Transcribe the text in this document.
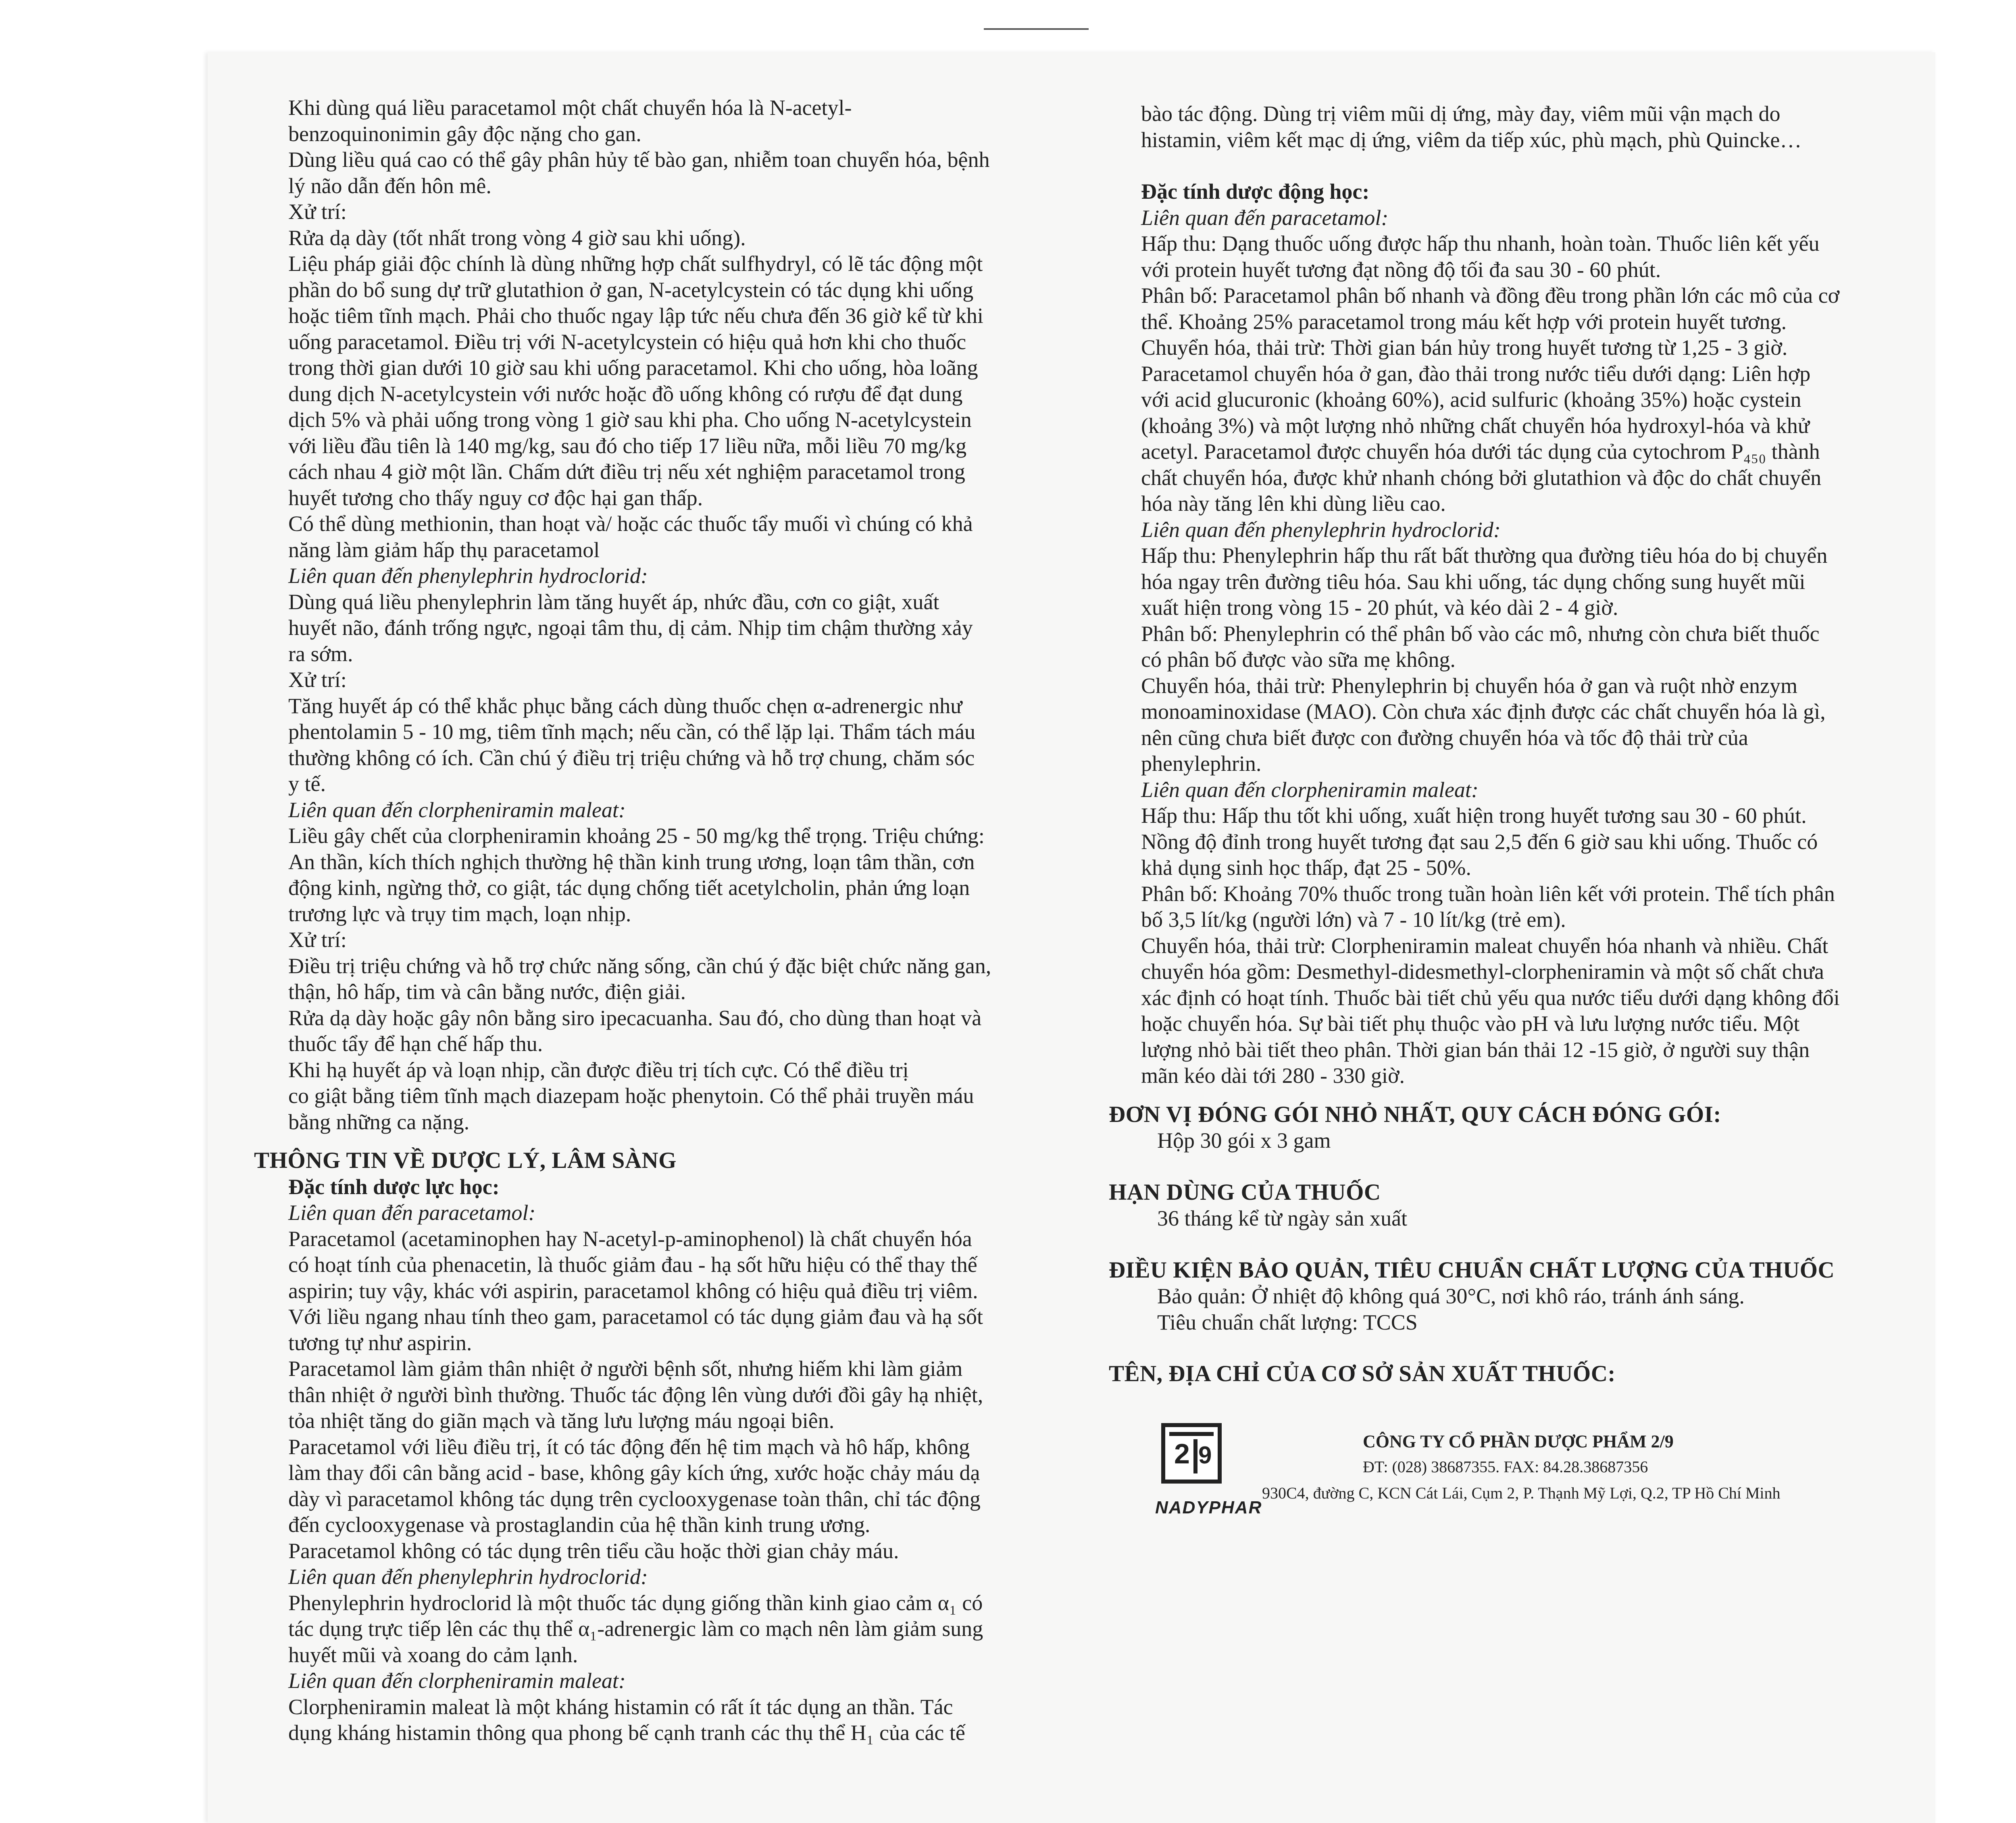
Khi dùng quá liều paracetamol một chất chuyển hóa là N-acetyl-
benzoquinonimin gây độc nặng cho gan.
Dùng liều quá cao có thể gây phân hủy tế bào gan, nhiễm toan chuyển hóa, bệnh
lý não dẫn đến hôn mê.
Xử trí:
Rửa dạ dày (tốt nhất trong vòng 4 giờ sau khi uống).
Liệu pháp giải độc chính là dùng những hợp chất sulfhydryl, có lẽ tác động một
phần do bổ sung dự trữ glutathion ở gan, N-acetylcystein có tác dụng khi uống
hoặc tiêm tĩnh mạch. Phải cho thuốc ngay lập tức nếu chưa đến 36 giờ kể từ khi
uống paracetamol. Điều trị với N-acetylcystein có hiệu quả hơn khi cho thuốc
trong thời gian dưới 10 giờ sau khi uống paracetamol. Khi cho uống, hòa loãng
dung dịch N-acetylcystein với nước hoặc đồ uống không có rượu để đạt dung
dịch 5% và phải uống trong vòng 1 giờ sau khi pha. Cho uống N-acetylcystein
với liều đầu tiên là 140 mg/kg, sau đó cho tiếp 17 liều nữa, mỗi liều 70 mg/kg
cách nhau 4 giờ một lần. Chấm dứt điều trị nếu xét nghiệm paracetamol trong
huyết tương cho thấy nguy cơ độc hại gan thấp.
Có thể dùng methionin, than hoạt và/ hoặc các thuốc tẩy muối vì chúng có khả
năng làm giảm hấp thụ paracetamol
Liên quan đến phenylephrin hydroclorid:
Dùng quá liều phenylephrin làm tăng huyết áp, nhức đầu, cơn co giật, xuất
huyết não, đánh trống ngực, ngoại tâm thu, dị cảm. Nhịp tim chậm thường xảy
ra sớm.
Xử trí:
Tăng huyết áp có thể khắc phục bằng cách dùng thuốc chẹn α-adrenergic như
phentolamin 5 - 10 mg, tiêm tĩnh mạch; nếu cần, có thể lặp lại. Thẩm tách máu
thường không có ích. Cần chú ý điều trị triệu chứng và hỗ trợ chung, chăm sóc
y tế.
Liên quan đến clorpheniramin maleat:
Liều gây chết của clorpheniramin khoảng 25 - 50 mg/kg thể trọng. Triệu chứng:
An thần, kích thích nghịch thường hệ thần kinh trung ương, loạn tâm thần, cơn
động kinh, ngừng thở, co giật, tác dụng chống tiết acetylcholin, phản ứng loạn
trương lực và trụy tim mạch, loạn nhịp.
Xử trí:
Điều trị triệu chứng và hỗ trợ chức năng sống, cần chú ý đặc biệt chức năng gan,
thận, hô hấp, tim và cân bằng nước, điện giải.
Rửa dạ dày hoặc gây nôn bằng siro ipecacuanha. Sau đó, cho dùng than hoạt và
thuốc tẩy để hạn chế hấp thu.
Khi hạ huyết áp và loạn nhịp, cần được điều trị tích cực. Có thể điều trị
co giật bằng tiêm tĩnh mạch diazepam hoặc phenytoin. Có thể phải truyền máu
bằng những ca nặng.
THÔNG TIN VỀ DƯỢC LÝ, LÂM SÀNG
Đặc tính dược lực học:
Liên quan đến paracetamol:
Paracetamol (acetaminophen hay N-acetyl-p-aminophenol) là chất chuyển hóa
có hoạt tính của phenacetin, là thuốc giảm đau - hạ sốt hữu hiệu có thể thay thế
aspirin; tuy vậy, khác với aspirin, paracetamol không có hiệu quả điều trị viêm.
Với liều ngang nhau tính theo gam, paracetamol có tác dụng giảm đau và hạ sốt
tương tự như aspirin.
Paracetamol làm giảm thân nhiệt ở người bệnh sốt, nhưng hiếm khi làm giảm
thân nhiệt ở người bình thường. Thuốc tác động lên vùng dưới đồi gây hạ nhiệt,
tỏa nhiệt tăng do giãn mạch và tăng lưu lượng máu ngoại biên.
Paracetamol với liều điều trị, ít có tác động đến hệ tim mạch và hô hấp, không
làm thay đổi cân bằng acid - base, không gây kích ứng, xước hoặc chảy máu dạ
dày vì paracetamol không tác dụng trên cyclooxygenase toàn thân, chỉ tác động
đến cyclooxygenase và prostaglandin của hệ thần kinh trung ương.
Paracetamol không có tác dụng trên tiểu cầu hoặc thời gian chảy máu.
Liên quan đến phenylephrin hydroclorid:
Phenylephrin hydroclorid là một thuốc tác dụng giống thần kinh giao cảm α₁ có
tác dụng trực tiếp lên các thụ thể α₁-adrenergic làm co mạch nên làm giảm sung
huyết mũi và xoang do cảm lạnh.
Liên quan đến clorpheniramin maleat:
Clorpheniramin maleat là một kháng histamin có rất ít tác dụng an thần. Tác
dụng kháng histamin thông qua phong bế cạnh tranh các thụ thể H₁ của các tế
bào tác động. Dùng trị viêm mũi dị ứng, mày đay, viêm mũi vận mạch do
histamin, viêm kết mạc dị ứng, viêm da tiếp xúc, phù mạch, phù Quincke…
Đặc tính dược động học:
Liên quan đến paracetamol:
Hấp thu: Dạng thuốc uống được hấp thu nhanh, hoàn toàn. Thuốc liên kết yếu
với protein huyết tương đạt nồng độ tối đa sau 30 - 60 phút.
Phân bố: Paracetamol phân bố nhanh và đồng đều trong phần lớn các mô của cơ
thể. Khoảng 25% paracetamol trong máu kết hợp với protein huyết tương.
Chuyển hóa, thải trừ: Thời gian bán hủy trong huyết tương từ 1,25 - 3 giờ.
Paracetamol chuyển hóa ở gan, đào thải trong nước tiểu dưới dạng: Liên hợp
với acid glucuronic (khoảng 60%), acid sulfuric (khoảng 35%) hoặc cystein
(khoảng 3%) và một lượng nhỏ những chất chuyển hóa hydroxyl-hóa và khử
acetyl. Paracetamol được chuyển hóa dưới tác dụng của cytochrom P₄₅₀ thành
chất chuyển hóa, được khử nhanh chóng bởi glutathion và độc do chất chuyển
hóa này tăng lên khi dùng liều cao.
Liên quan đến phenylephrin hydroclorid:
Hấp thu: Phenylephrin hấp thu rất bất thường qua đường tiêu hóa do bị chuyển
hóa ngay trên đường tiêu hóa. Sau khi uống, tác dụng chống sung huyết mũi
xuất hiện trong vòng 15 - 20 phút, và kéo dài 2 - 4 giờ.
Phân bố: Phenylephrin có thể phân bố vào các mô, nhưng còn chưa biết thuốc
có phân bố được vào sữa mẹ không.
Chuyển hóa, thải trừ: Phenylephrin bị chuyển hóa ở gan và ruột nhờ enzym
monoaminoxidase (MAO). Còn chưa xác định được các chất chuyển hóa là gì,
nên cũng chưa biết được con đường chuyển hóa và tốc độ thải trừ của
phenylephrin.
Liên quan đến clorpheniramin maleat:
Hấp thu: Hấp thu tốt khi uống, xuất hiện trong huyết tương sau 30 - 60 phút.
Nồng độ đỉnh trong huyết tương đạt sau 2,5 đến 6 giờ sau khi uống. Thuốc có
khả dụng sinh học thấp, đạt 25 - 50%.
Phân bố: Khoảng 70% thuốc trong tuần hoàn liên kết với protein. Thể tích phân
bố 3,5 lít/kg (người lớn) và 7 - 10 lít/kg (trẻ em).
Chuyển hóa, thải trừ: Clorpheniramin maleat chuyển hóa nhanh và nhiều. Chất
chuyển hóa gồm: Desmethyl-didesmethyl-clorpheniramin và một số chất chưa
xác định có hoạt tính. Thuốc bài tiết chủ yếu qua nước tiểu dưới dạng không đổi
hoặc chuyển hóa. Sự bài tiết phụ thuộc vào pH và lưu lượng nước tiểu. Một
lượng nhỏ bài tiết theo phân. Thời gian bán thải 12 -15 giờ, ở người suy thận
mãn kéo dài tới 280 - 330 giờ.
ĐƠN VỊ ĐÓNG GÓI NHỎ NHẤT, QUY CÁCH ĐÓNG GÓI:
Hộp 30 gói x 3 gam
HẠN DÙNG CỦA THUỐC
36 tháng kể từ ngày sản xuất
ĐIỀU KIỆN BẢO QUẢN, TIÊU CHUẨN CHẤT LƯỢNG CỦA THUỐC
Bảo quản: Ở nhiệt độ không quá 30°C, nơi khô ráo, tránh ánh sáng.
Tiêu chuẩn chất lượng: TCCS
TÊN, ĐỊA CHỈ CỦA CƠ SỞ SẢN XUẤT THUỐC:
2 9
NADYPHAR
CÔNG TY CỔ PHẦN DƯỢC PHẨM 2/9
ĐT: (028) 38687355. FAX: 84.28.38687356
930C4, đường C, KCN Cát Lái, Cụm 2, P. Thạnh Mỹ Lợi, Q.2, TP Hồ Chí Minh
